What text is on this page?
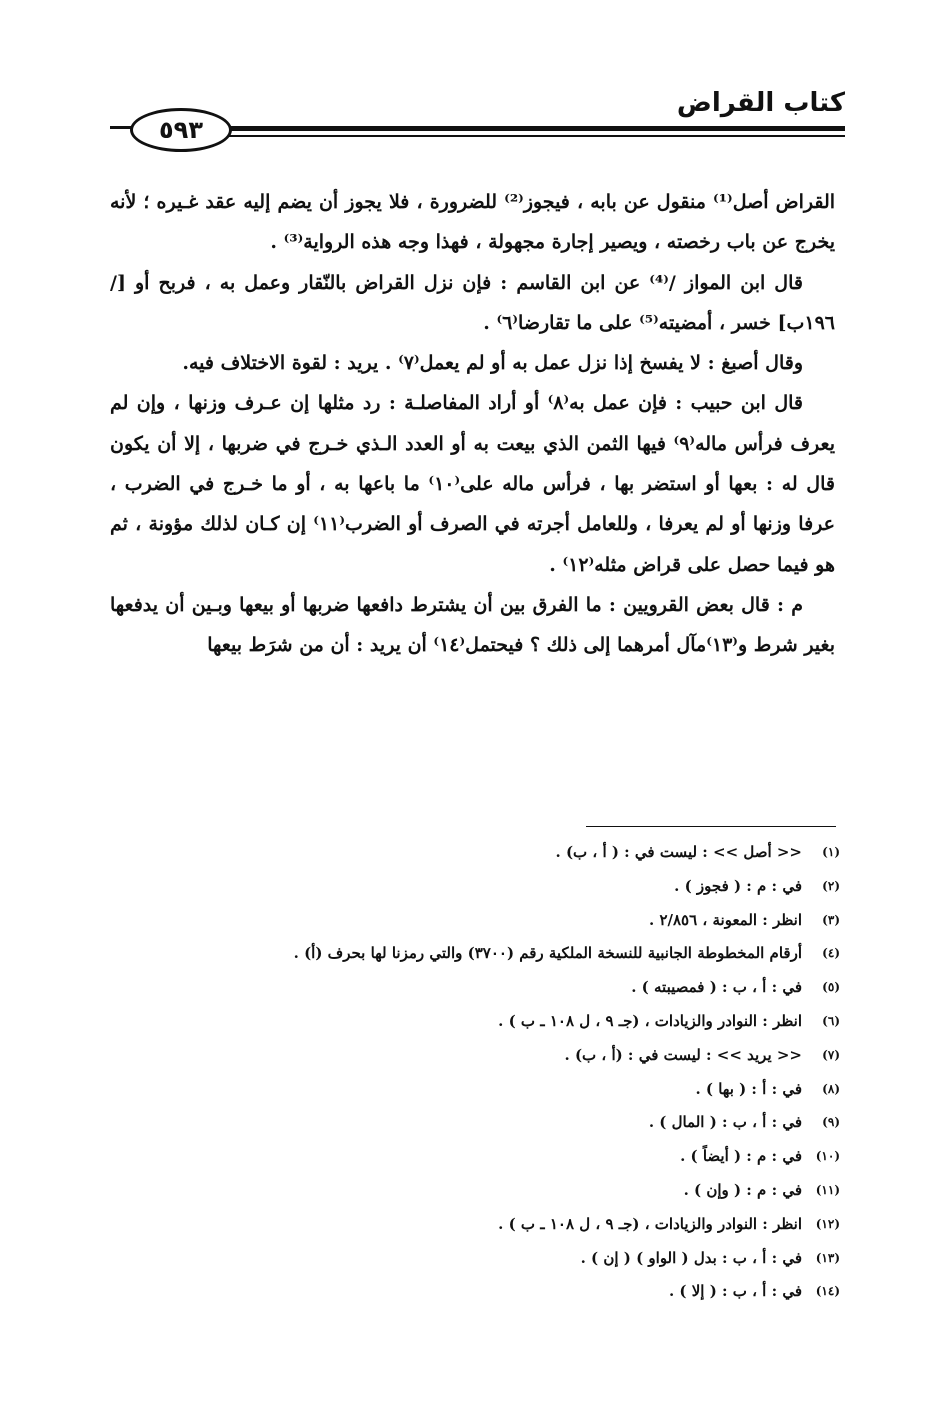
كتاب القراض
٥٩٣

القراض أصل⁽¹⁾ منقول عن بابه ، فيجوز⁽²⁾ للضرورة ، فلا يجوز أن يضم إليه عقد غـيره ؛ لأنه يخرج عن باب رخصته ، ويصير إجارة مجهولة ، فهذا وجه هذه الرواية⁽³⁾ .

قال ابن المواز /⁽⁴⁾ عن ابن القاسم : فإن نزل القراض بالنّقار وعمل به ، فربح أو [/١٩٦ب] خسر ، أمضيته⁽⁵⁾ على ما تقارضا⁽٦⁾ .

وقال أصبغ : لا يفسخ إذا نزل عمل به أو لم يعمل⁽٧⁾ . يريد : لقوة الاختلاف فيه.

قال ابن حبيب : فإن عمل به⁽٨⁾ أو أراد المفاصلـة : رد مثلها إن عـرف وزنها ، وإن لم يعرف فرأس ماله⁽٩⁾ فيها الثمن الذي بيعت به أو العدد الـذي خـرج في ضربها ، إلا أن يكون قال له : بعها أو استضر بها ، فرأس ماله على⁽١٠⁾ ما باعها به ، أو ما خـرج في الضرب ، عرفا وزنها أو لم يعرفا ، وللعامل أجرته في الصرف أو الضرب⁽١١⁾ إن كـان لذلك مؤونة ، ثم هو فيما حصل على قراض مثله⁽١٢⁾ .

م : قال بعض القرويين : ما الفرق بين أن يشترط دافعها ضربها أو بيعها وبـين أن يدفعها بغير شرط و⁽١٣⁾مآل أمرهما إلى ذلك ؟ فيحتمل⁽١٤⁾ أن يريد : أن من شرَط بيعها

(١)
<< أصل >> : ليست في : ( أ ، ب) .
(٢)
في : م : ( فجوز ) .
(٣)
انظر : المعونة ، ٢/٨٥٦ .
(٤)
أرقام المخطوطة الجانبية للنسخة الملكية رقم (٣٧٠٠) والتي رمزنا لها بحرف (أ) .
(٥)
في : أ ، ب : ( فمصيبته ) .
(٦)
انظر : النوادر والزيادات ، (جـ ٩ ، ل ١٠٨ ـ ب ) .
(٧)
<< يريد >> : ليست في : (أ ، ب) .
(٨)
في : أ : ( بها ) .
(٩)
في : أ ، ب : ( المال ) .
(١٠)
في : م : ( أيضاً ) .
(١١)
في : م : ( وإن ) .
(١٢)
انظر : النوادر والزيادات ، (جـ ٩ ، ل ١٠٨ ـ ب ) .
(١٣)
في : أ ، ب : بدل ( الواو ) ( إن ) .
(١٤)
في : أ ، ب : ( إلا ) .
